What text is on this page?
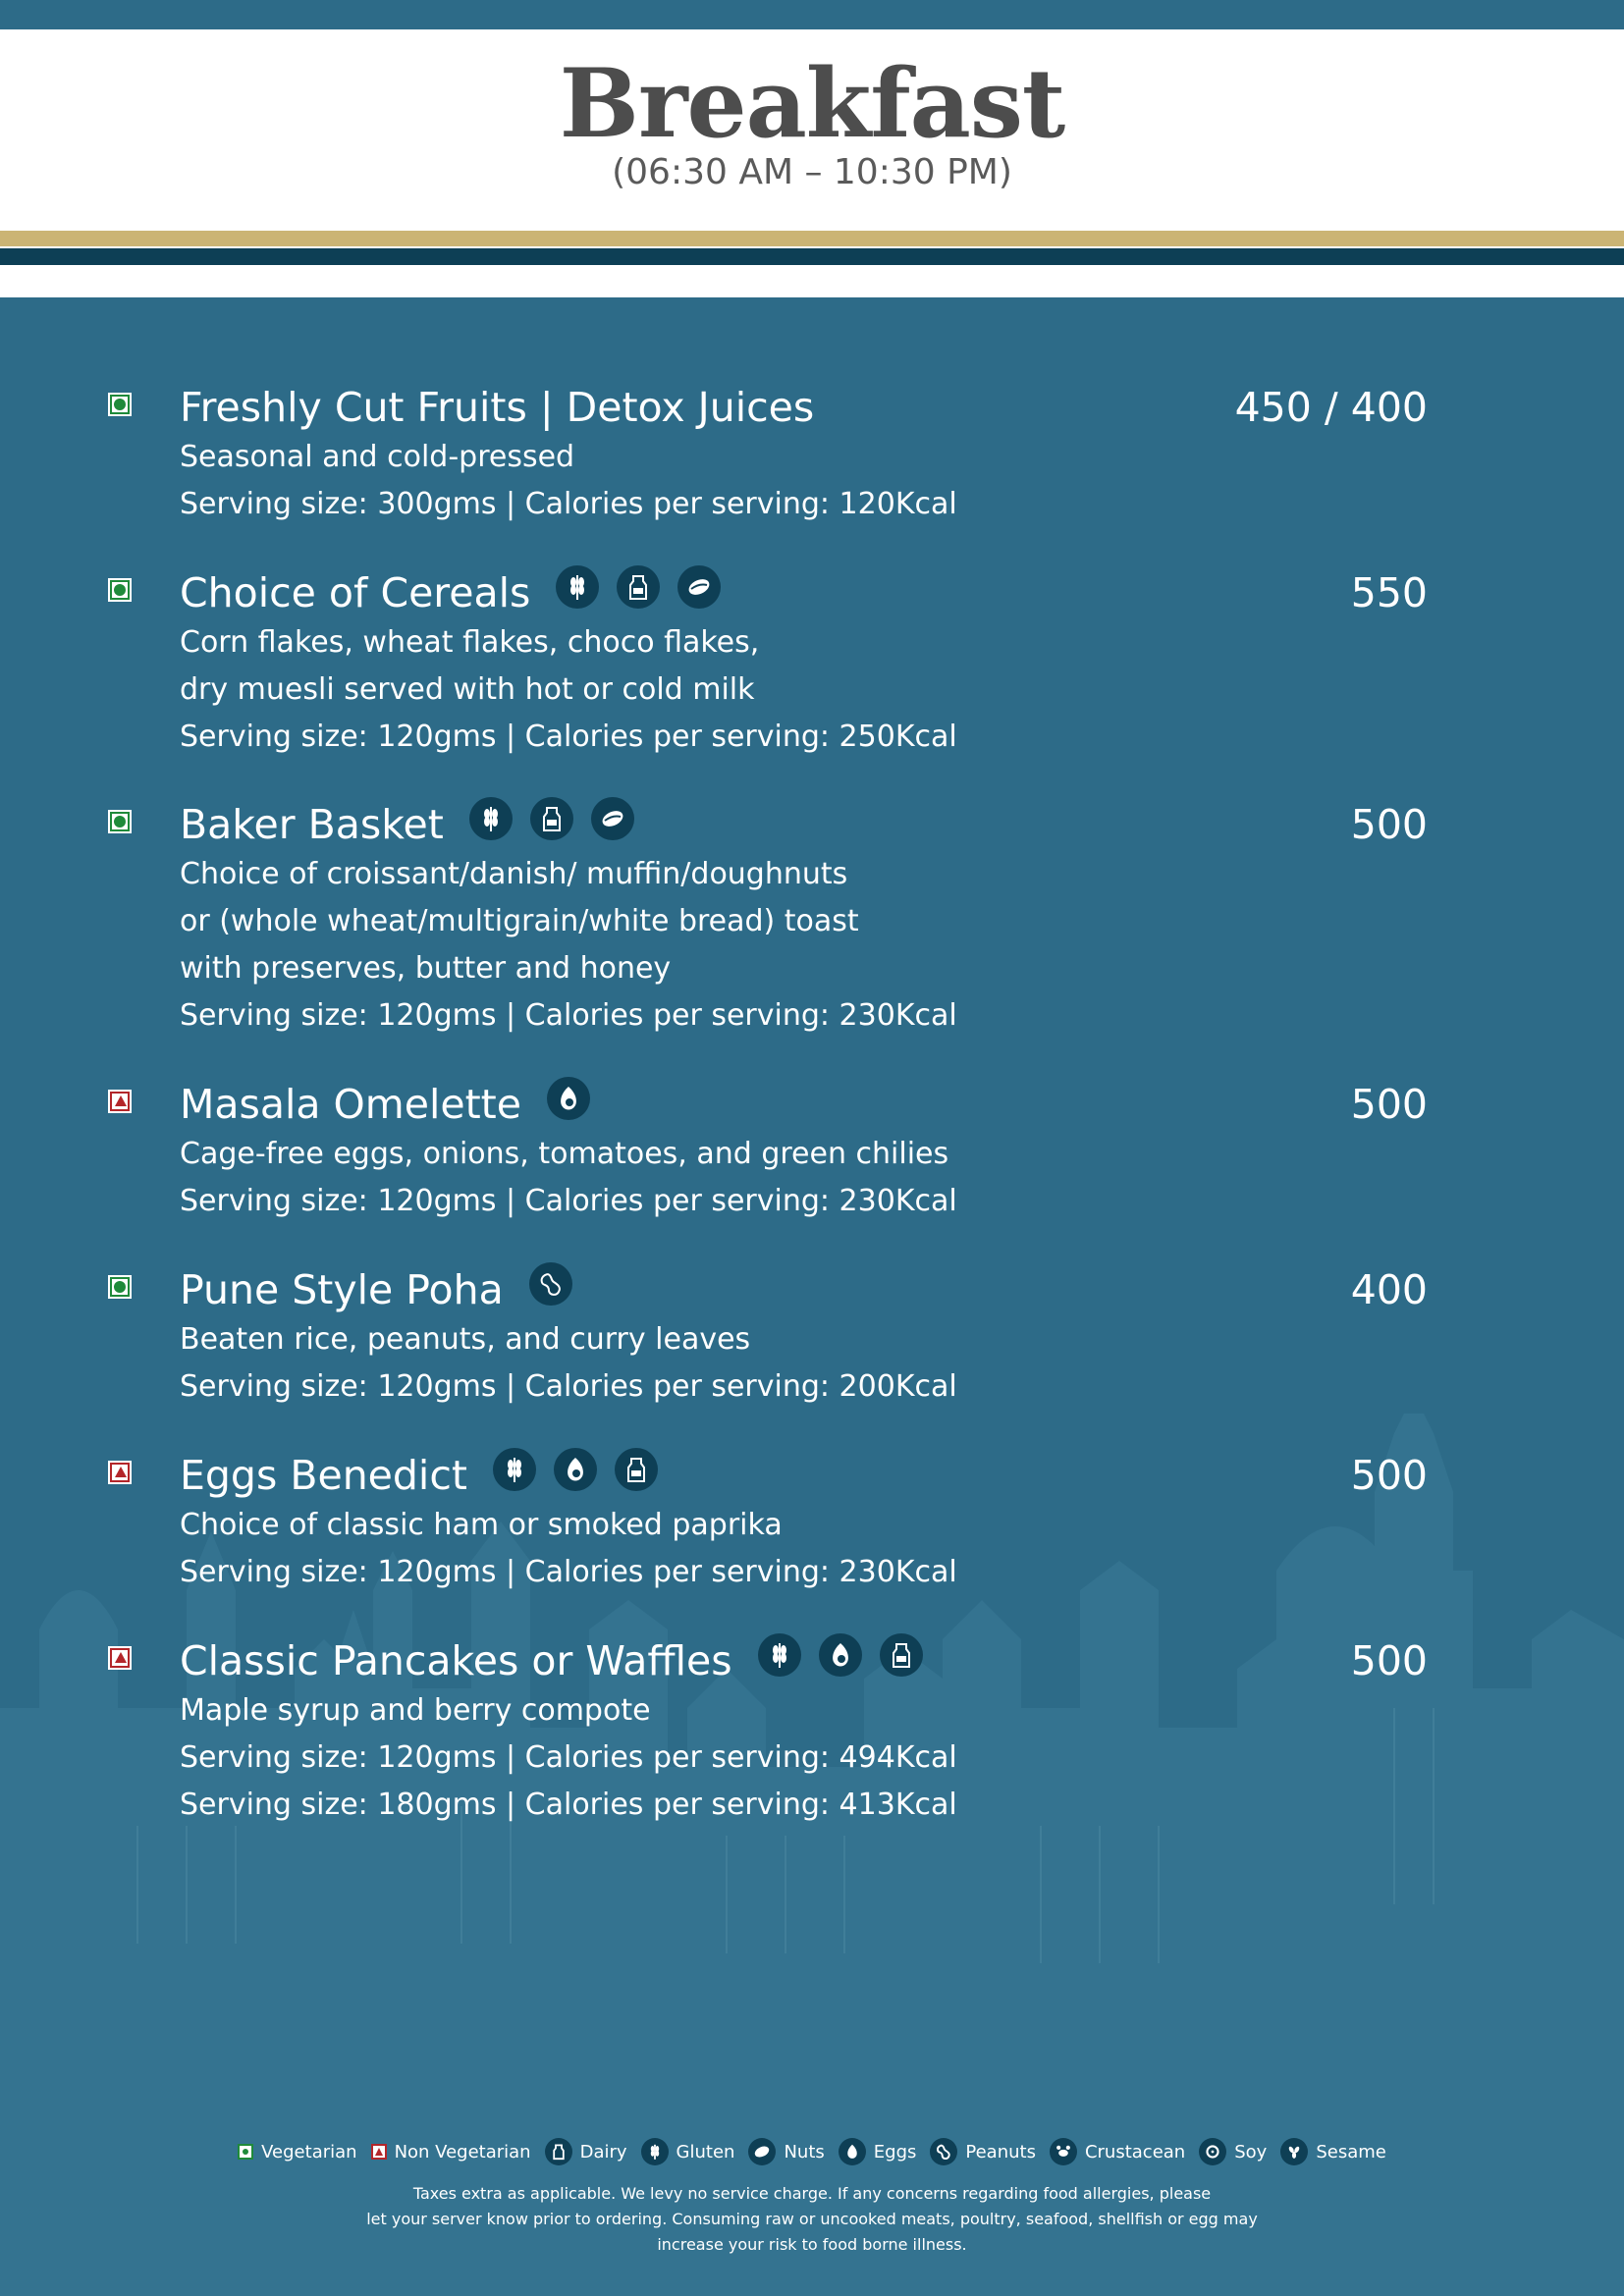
Breakfast
(06:30 AM – 10:30 PM)
Freshly Cut Fruits | Detox Juices	450 / 400
Seasonal and cold-pressed
Serving size: 300gms | Calories per serving: 120Kcal
Choice of Cereals	550
Corn flakes, wheat flakes, choco flakes,
dry muesli served with hot or cold milk
Serving size: 120gms | Calories per serving: 250Kcal
Baker Basket	500
Choice of croissant/danish/ muffin/doughnuts
or (whole wheat/multigrain/white bread) toast
with preserves, butter and honey
Serving size: 120gms | Calories per serving: 230Kcal
Masala Omelette	500
Cage-free eggs, onions, tomatoes, and green chilies
Serving size: 120gms | Calories per serving: 230Kcal
Pune Style Poha	400
Beaten rice, peanuts, and curry leaves
Serving size: 120gms | Calories per serving: 200Kcal
Eggs Benedict	500
Choice of classic ham or smoked paprika
Serving size: 120gms | Calories per serving: 230Kcal
Classic Pancakes or Waffles	500
Maple syrup and berry compote
Serving size: 120gms | Calories per serving: 494Kcal
Serving size: 180gms | Calories per serving: 413Kcal
Vegetarian Non Vegetarian	Dairy	Gluten	Nuts	Eggs	Peanuts	Crustacean	Soy	Sesame
Taxes extra as applicable. We levy no service charge. If any concerns regarding food allergies, please
let your server know prior to ordering. Consuming raw or uncooked meats, poultry, seafood, shellfish or egg may
increase your risk to food borne illness.
